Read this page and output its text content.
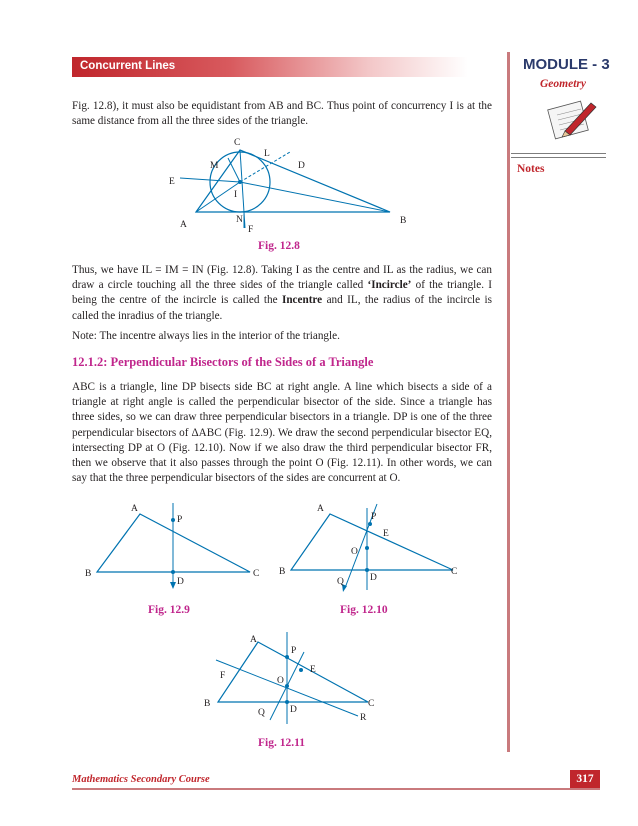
Concurrent Lines	MODULE - 3
Geometry
Notes

Fig. 12.8), it must also be equidistant from AB and BC. Thus point of concurrency I is at the same distance from all the three sides of the triangle.

C
L
D
M
E
I
A	N
F
B
Fig. 12.8

Thus, we have IL = IM = IN (Fig. 12.8). Taking I as the centre and IL as the radius, we can draw a circle touching all the three sides of the triangle called ‘Incircle’ of the triangle. I being the centre of the incircle is called the Incentre and IL, the radius of the incircle is called the inradius of the triangle.

Note: The incentre always lies in the interior of the triangle.

12.1.2: Perpendicular Bisectors of the Sides of a Triangle

ABC is a triangle, line DP bisects side BC at right angle. A line which bisects a side of a triangle at right angle is called the perpendicular bisector of the side. Since a triangle has three sides, so we can draw three perpendicular bisectors in a triangle. DP is one of the three perpendicular bisectors of ΔABC (Fig. 12.9). We draw the second perpendicular bisector EQ, intersecting DP at O (Fig. 12.10). Now if we also draw the third perpendicular bisector FR, then we observe that it also passes through the point O (Fig. 12.11). In other words, we can say that the three perpendicular bisectors of the sides are concurrent at O.

A
P
B	C
D
Fig. 12.9
A
P
E
O
B	C
D
Q
Fig. 12.10
A
P
E
F	O
B	C
Q	D
R
Fig. 12.11
Mathematics Secondary Course	317
